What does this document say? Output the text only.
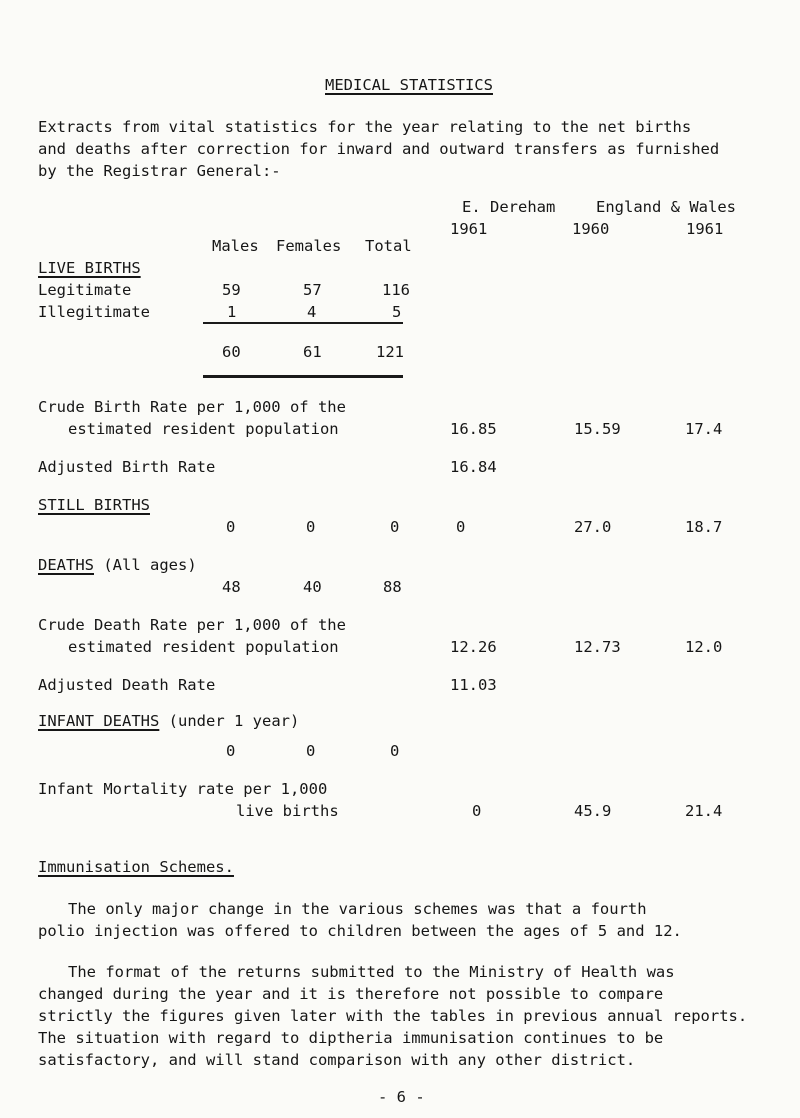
MEDICAL STATISTICS
Extracts from vital statistics for the year relating to the net births
and deaths after correction for inward and outward transfers as furnished
by the Registrar General:-
E. Dereham	England & Wales
1961	1960	1961
Males Females Total
LIVE BIRTHS
Legitimate	59	57	116
Illegitimate	1	4	5
60	61	121
Crude Birth Rate per 1,000 of the
estimated resident population	16.85	15.59	17.4
Adjusted Birth Rate	16.84
STILL BIRTHS
0	0	0	0	27.0	18.7
DEATHS (All ages)
48	40	88
Crude Death Rate per 1,000 of the
estimated resident population	12.26	12.73	12.0
Adjusted Death Rate	11.03
INFANT DEATHS (under 1 year)
0	0	0
Infant Mortality rate per 1,000
live births	0	45.9	21.4
Immunisation Schemes.
The only major change in the various schemes was that a fourth
polio injection was offered to children between the ages of 5 and 12.
The format of the returns submitted to the Ministry of Health was
changed during the year and it is therefore not possible to compare
strictly the figures given later with the tables in previous annual reports.
The situation with regard to diptheria immunisation continues to be
satisfactory, and will stand comparison with any other district.
- 6 -
